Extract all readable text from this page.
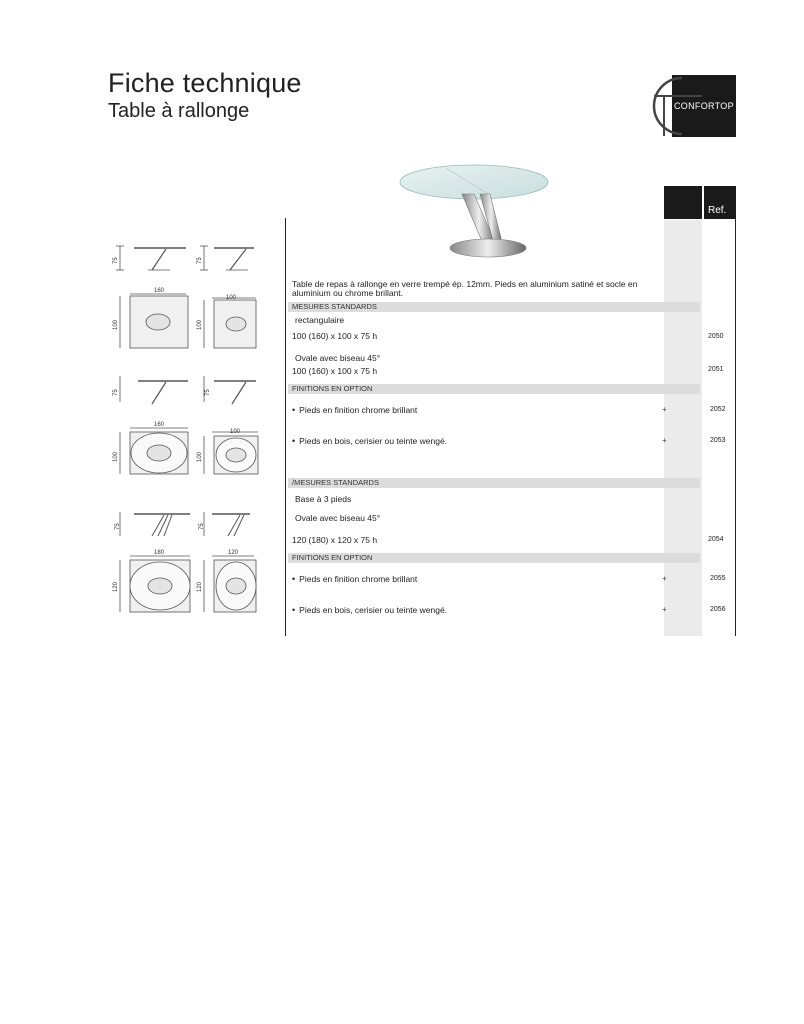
Fiche technique
Table à rallonge	CONFORTOP
Ref.
Table de repas à rallonge en verre trempé ép. 12mm. Pieds en aluminium satiné et socle en aluminium ou chrome brillant.
MESURES STANDARDS
rectangulaire
100 (160) x 100 x 75 h	2050
Ovale avec biseau 45°
100 (160) x 100 x 75 h	2051
FINITIONS EN OPTION
• Pieds en finition chrome brillant	+	2052
• Pieds en bois, cerisier ou teinte wengé.	+	2053
/MESURES STANDARDS
Base à 3 pieds
Ovale avec biseau 45°
120 (180) x 120 x 75 h	2054
FINITIONS EN OPTION
• Pieds en finition chrome brillant	+	2055
• Pieds en bois, cerisier ou teinte wengé.	+	2056
75	75
160
100
100	100
75	75
160
100
100	100
75	75
180	120
120	120
